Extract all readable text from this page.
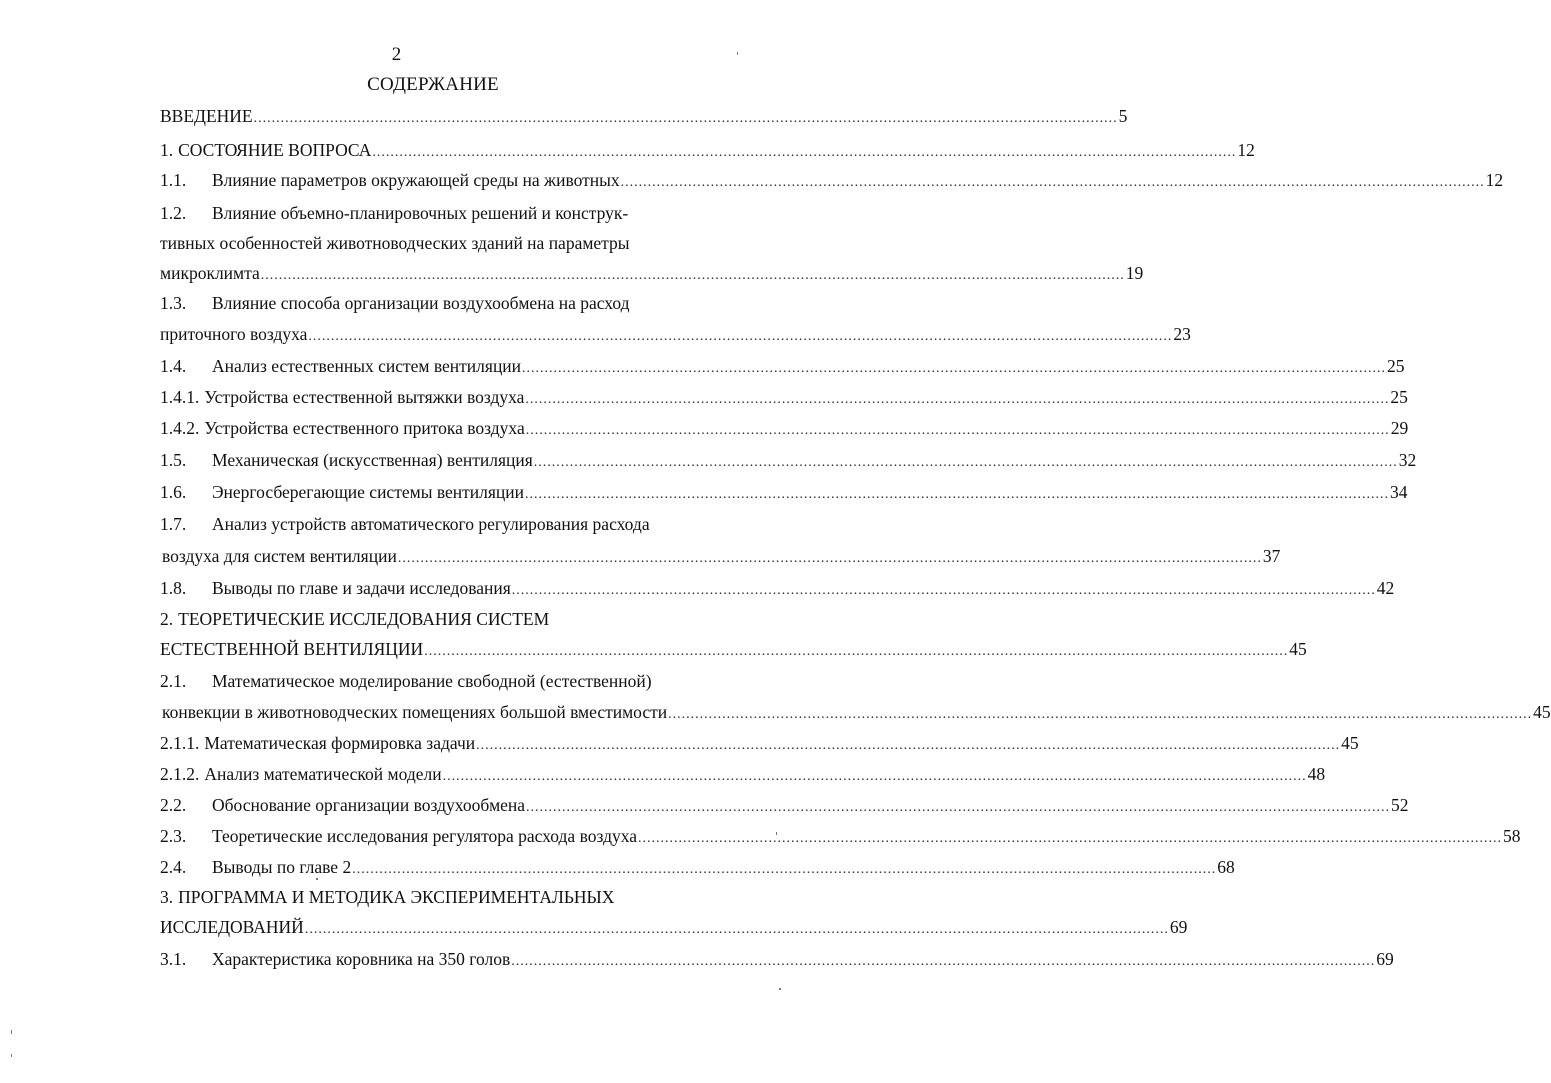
2
СОДЕРЖАНИЕ
ВВЕДЕНИЕ .....	5
1. СОСТОЯНИЕ ВОПРОСА .....	12
1.1.	Влияние параметров окружающей среды на животных .....	12
1.2.	Влияние объемно-планировочных решений и конструк-
тивных особенностей животноводческих зданий на параметры
микроклимта .....	19
1.3.	Влияние способа организации воздухообмена на расход
приточного воздуха .....	23
1.4.	Анализ естественных систем вентиляции .....	25
1.4.1. Устройства естественной вытяжки воздуха .....	25
1.4.2. Устройства естественного притока воздуха .....	29
1.5.	Механическая (искусственная) вентиляция .....	32
1.6.	Энергосберегающие системы вентиляции .....	34
1.7.	Анализ устройств автоматического регулирования расхода
воздуха для систем вентиляции .....	37
1.8.	Выводы по главе и задачи исследования .....	42
2. ТЕОРЕТИЧЕСКИЕ ИССЛЕДОВАНИЯ СИСТЕМ
ЕСТЕСТВЕННОЙ ВЕНТИЛЯЦИИ .....	45
2.1.	Математическое моделирование свободной (естественной)
конвекции в животноводческих помещениях большой вместимости .....	45
2.1.1. Математическая формировка задачи .....	45
2.1.2. Анализ математической модели .....	48
2.2.	Обоснование организации воздухообмена .....	52
2.3.	Теоретические исследования регулятора расхода воздуха .....	58
2.4.	Выводы по главе 2 .....	68
3. ПРОГРАММА И МЕТОДИКА ЭКСПЕРИМЕНТАЛЬНЫХ
ИССЛЕДОВАНИЙ .....	69
3.1.	Характеристика коровника на 350 голов .....	69
